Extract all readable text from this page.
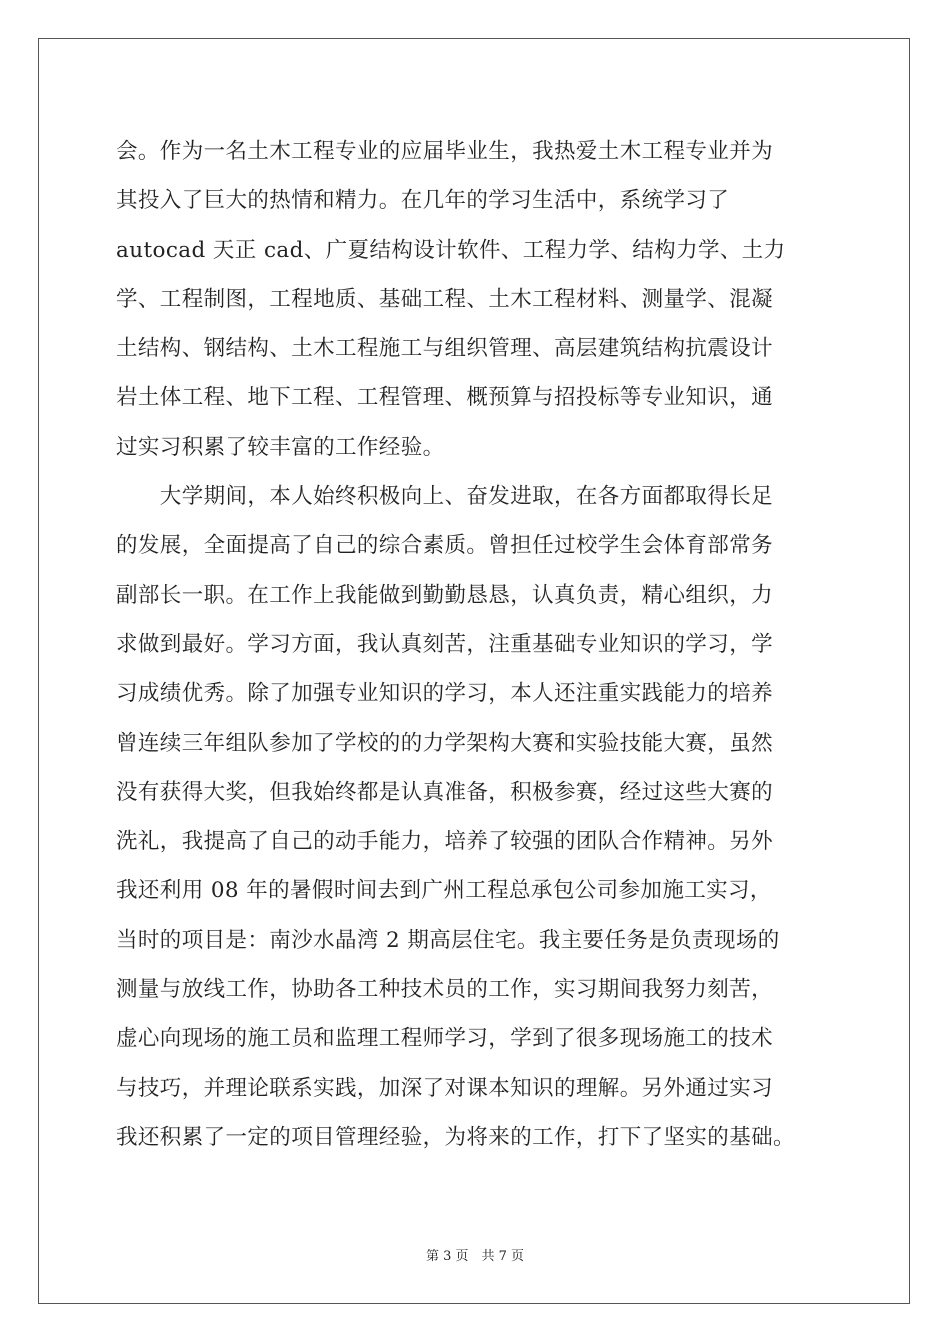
会。作为一名土木工程专业的应届毕业生，我热爱土木工程专业并为
其投入了巨大的热情和精力。在几年的学习生活中，系统学习了
autocad 天正 cad、广夏结构设计软件、工程力学、结构力学、土力
学、工程制图，工程地质、基础工程、土木工程材料、测量学、混凝
土结构、钢结构、土木工程施工与组织管理、高层建筑结构抗震设计
岩土体工程、地下工程、工程管理、概预算与招投标等专业知识，通
过实习积累了较丰富的工作经验。
　　大学期间，本人始终积极向上、奋发进取，在各方面都取得长足
的发展，全面提高了自己的综合素质。曾担任过校学生会体育部常务
副部长一职。在工作上我能做到勤勤恳恳，认真负责，精心组织，力
求做到最好。学习方面，我认真刻苦，注重基础专业知识的学习，学
习成绩优秀。除了加强专业知识的学习，本人还注重实践能力的培养
曾连续三年组队参加了学校的的力学架构大赛和实验技能大赛，虽然
没有获得大奖，但我始终都是认真准备，积极参赛，经过这些大赛的
洗礼，我提高了自己的动手能力，培养了较强的团队合作精神。另外
我还利用 08 年的暑假时间去到广州工程总承包公司参加施工实习，
当时的项目是：南沙水晶湾 2 期高层住宅。我主要任务是负责现场的
测量与放线工作，协助各工种技术员的工作，实习期间我努力刻苦，
虚心向现场的施工员和监理工程师学习，学到了很多现场施工的技术
与技巧，并理论联系实践，加深了对课本知识的理解。另外通过实习
我还积累了一定的项目管理经验，为将来的工作，打下了坚实的基础。
第 3 页　共 7 页
